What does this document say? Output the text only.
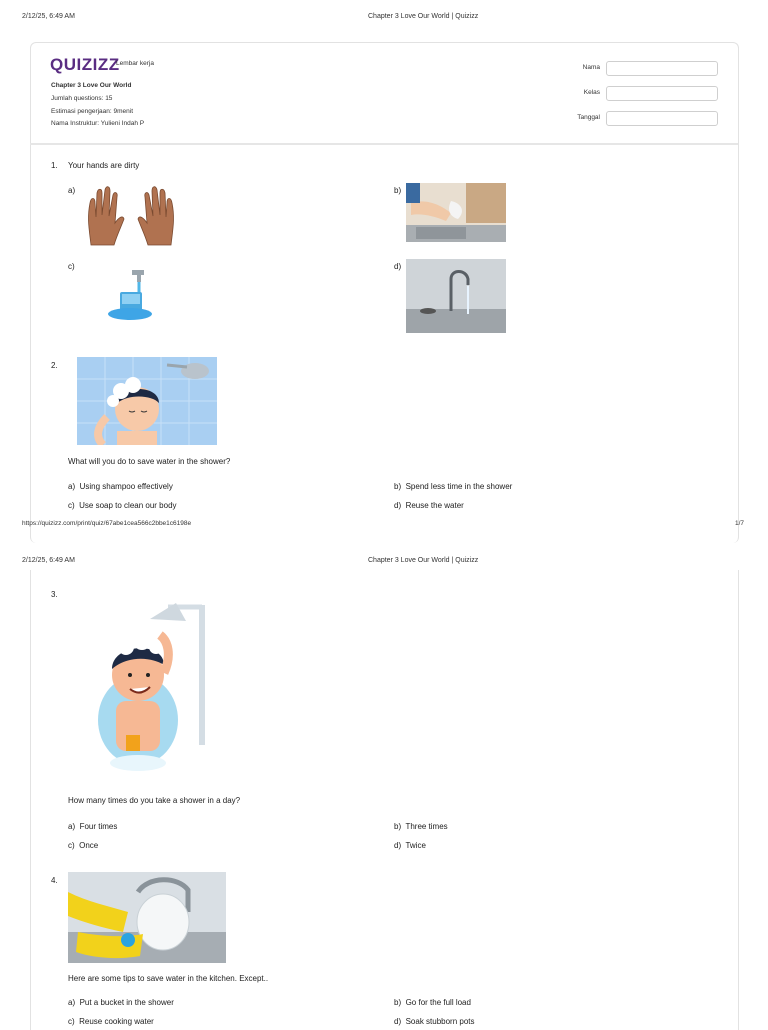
2/12/25, 6:49 AM	Chapter 3 Love Our World | Quizizz
QUIZIZZ
Lembar kerja
Chapter 3 Love Our World
Jumlah questions: 15
Estimasi pengerjaan: 9menit
Nama Instruktur: Yulieni Indah P
Nama
Kelas
Tanggal
1. Your hands are dirty
a)	b)
c)	d)
2.
What will you do to save water in the shower?
a) Using shampoo effectively	b) Spend less time in the shower
c) Use soap to clean our body	d) Reuse the water
https://quizizz.com/print/quiz/67abe1cea566c2bbe1c6198e	1/7
2/12/25, 6:49 AM	Chapter 3 Love Our World | Quizizz
3.
How many times do you take a shower in a day?
a) Four times	b) Three times
c) Once	d) Twice
4.
Here are some tips to save water in the kitchen. Except..
a) Put a bucket in the shower	b) Go for the full load
c) Reuse cooking water	d) Soak stubborn pots
